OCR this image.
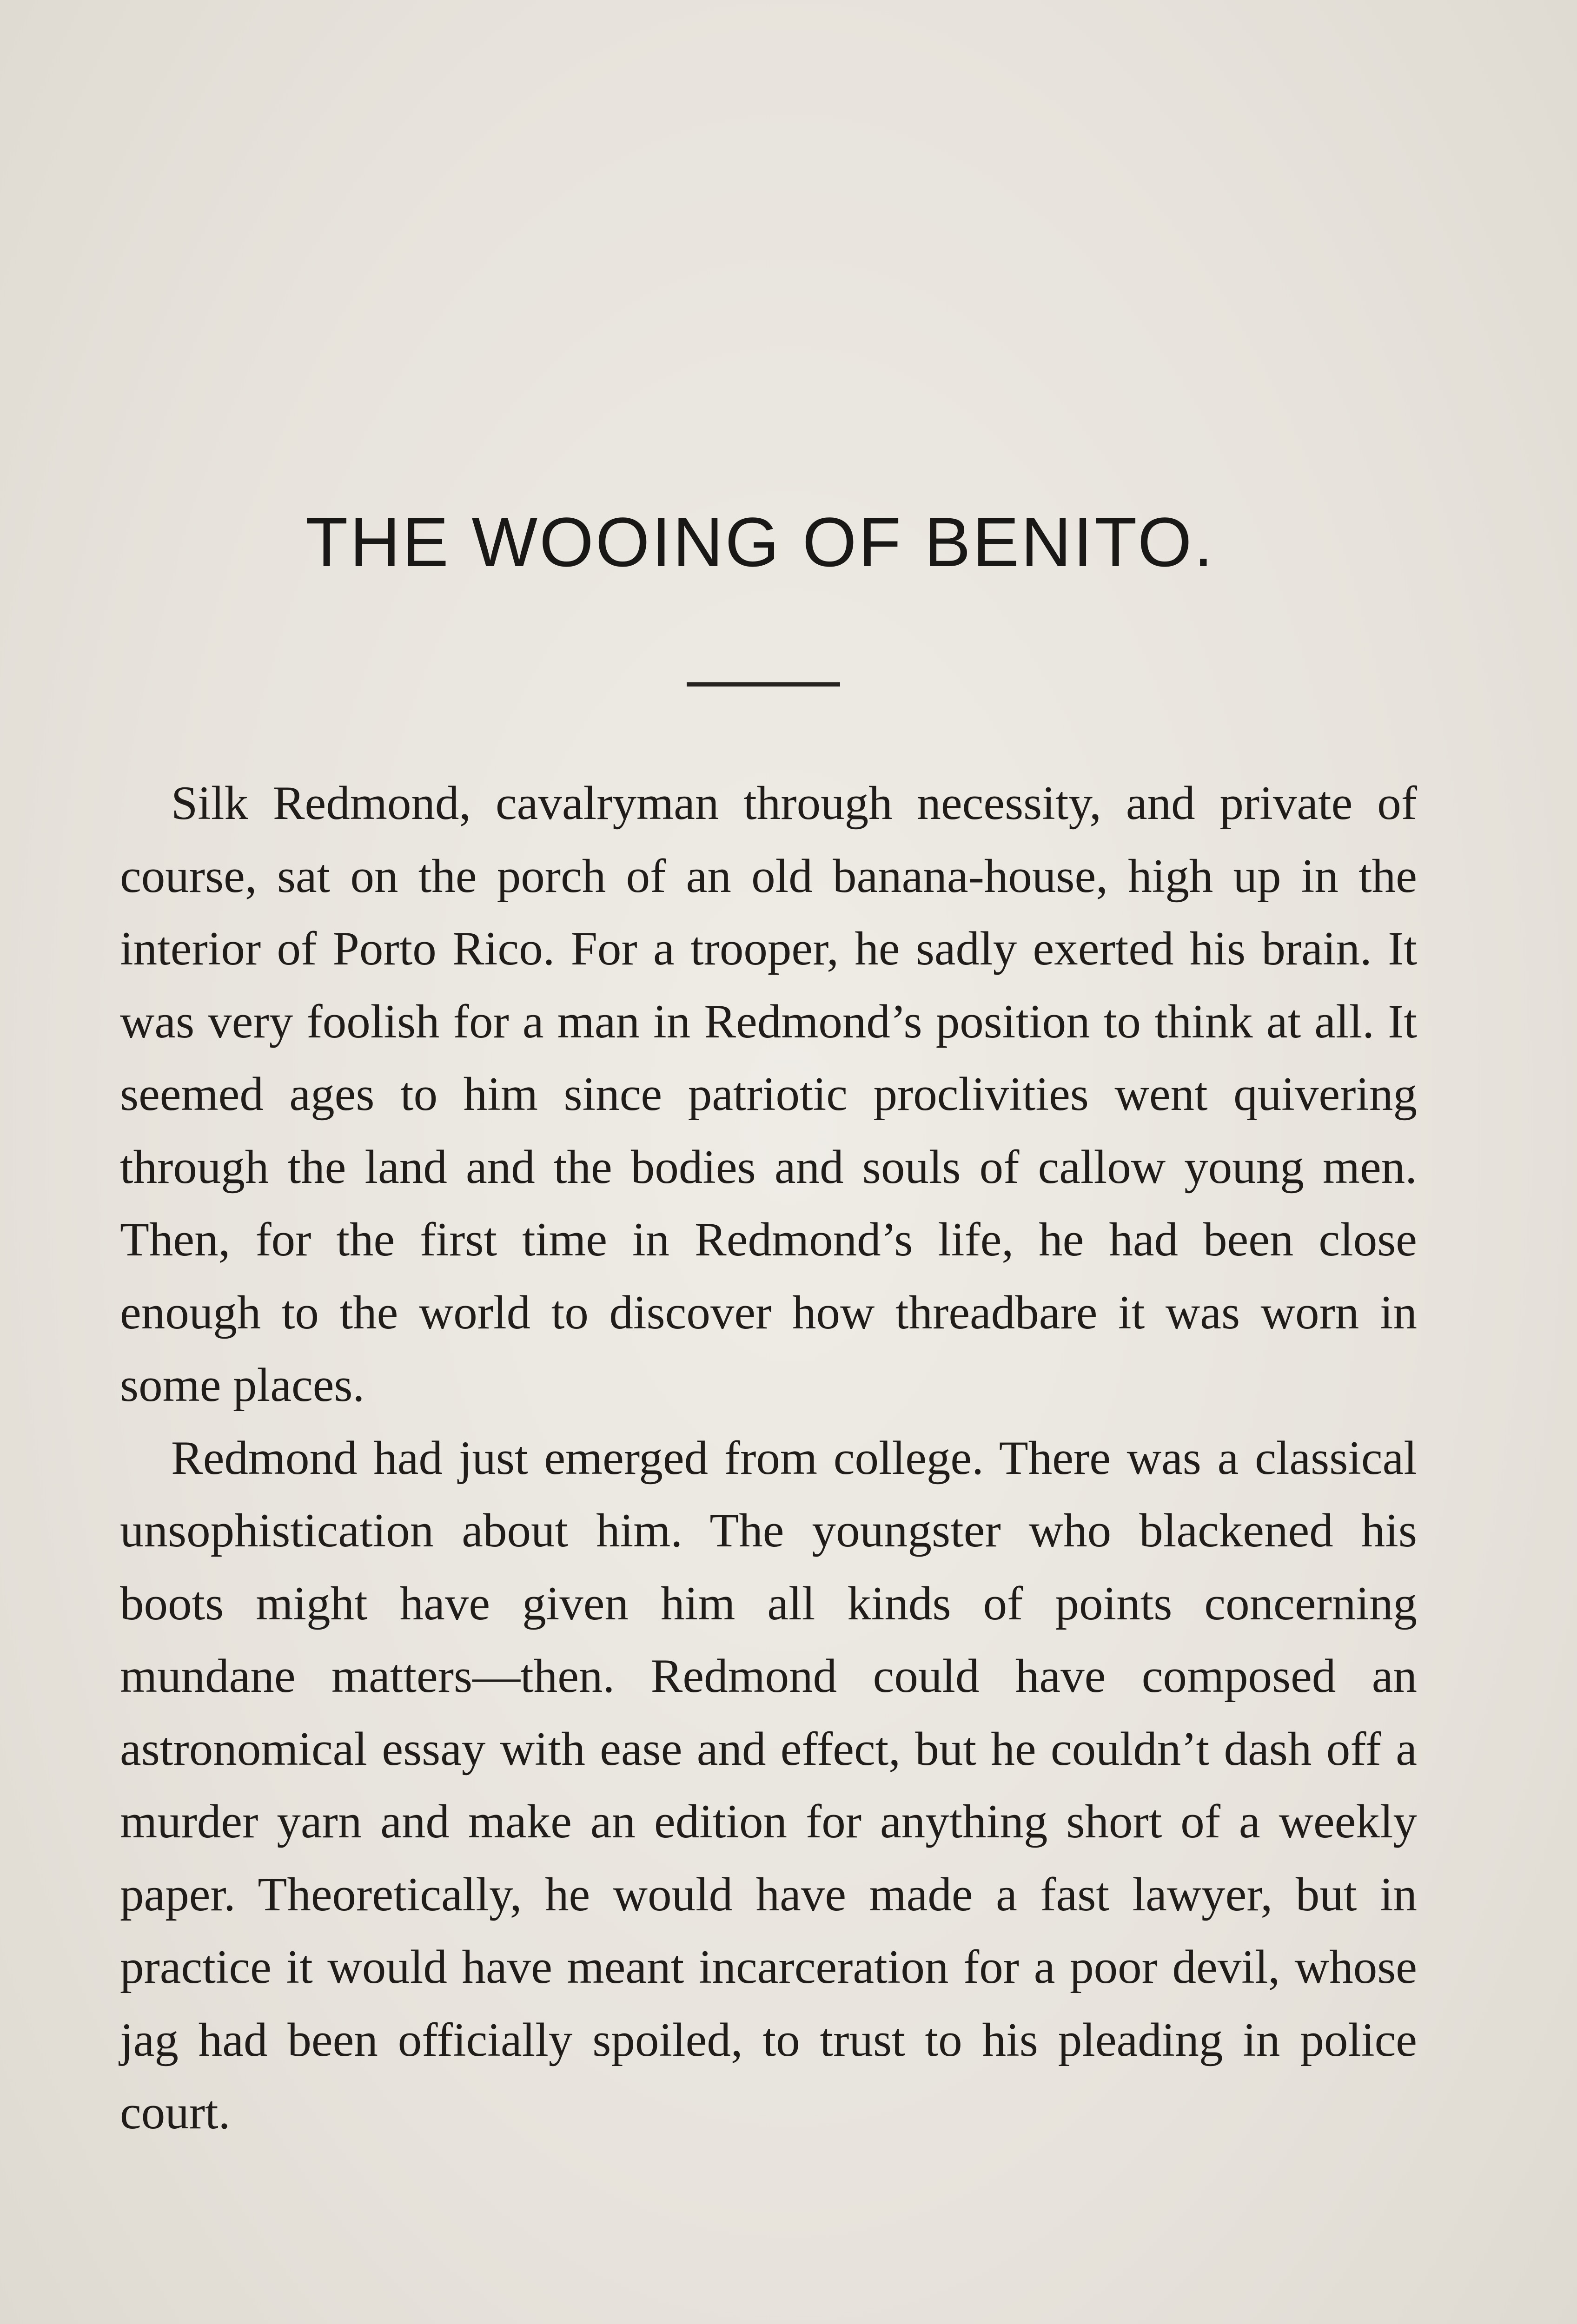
THE WOOING OF BENITO.

Silk Redmond, cavalryman through necessity, and private of course, sat on the porch of an old banana-house, high up in the interior of Porto Rico. For a trooper, he sadly exerted his brain. It was very foolish for a man in Redmond’s position to think at all. It seemed ages to him since patriotic proclivities went quivering through the land and the bodies and souls of callow young men. Then, for the first time in Redmond’s life, he had been close enough to the world to discover how threadbare it was worn in some places.

Redmond had just emerged from college. There was a classical unsophistication about him. The youngster who blackened his boots might have given him all kinds of points concerning mundane matters—then. Redmond could have composed an astronomical essay with ease and effect, but he couldn’t dash off a murder yarn and make an edition for anything short of a weekly paper. Theoretically, he would have made a fast lawyer, but in practice it would have meant incarceration for a poor devil, whose jag had been officially spoiled, to trust to his pleading in police court.
